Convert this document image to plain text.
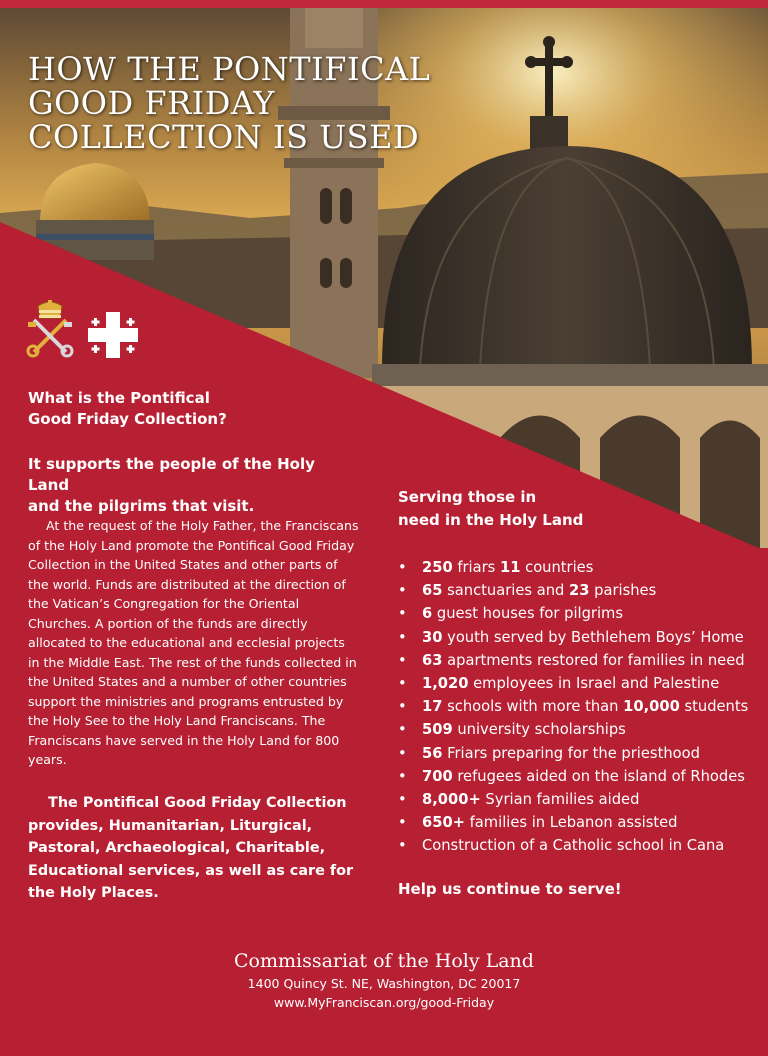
HOW THE PONTIFICAL
GOOD FRIDAY
COLLECTION IS USED
What is the Pontifical
Good Friday Collection?
It supports the people of the Holy Land
and the pilgrims that visit.

At the request of the Holy Father, the Franciscans of the Holy Land promote the Pontifical Good Friday Collection in the United States and other parts of the world. Funds are distributed at the direction of the Vatican’s Congregation for the Oriental Churches. A portion of the funds are directly allocated to the educational and ecclesial projects in the Middle East. The rest of the funds collected in the United States and a number of other countries support the ministries and programs entrusted by the Holy See to the Holy Land Franciscans. The Franciscans have served in the Holy Land for 800 years.

The Pontifical Good Friday Collection provides, Humanitarian, Liturgical, Pastoral, Archaeological, Charitable, Educational services, as well as care for the Holy Places.

Serving those in
need in the Holy Land
• 250 friars 11 countries
• 65 sanctuaries and 23 parishes
• 6 guest houses for pilgrims
• 30 youth served by Bethlehem Boys’ Home
• 63 apartments restored for families in need
• 1,020 employees in Israel and Palestine
• 17 schools with more than 10,000 students
• 509 university scholarships
• 56 Friars preparing for the priesthood
• 700 refugees aided on the island of Rhodes
• 8,000+ Syrian families aided
• 650+ families in Lebanon assisted
• Construction of a Catholic school in Cana
Help us continue to serve!
Commissariat of the Holy Land
1400 Quincy St. NE, Washington, DC 20017
www.MyFranciscan.org/good-Friday
